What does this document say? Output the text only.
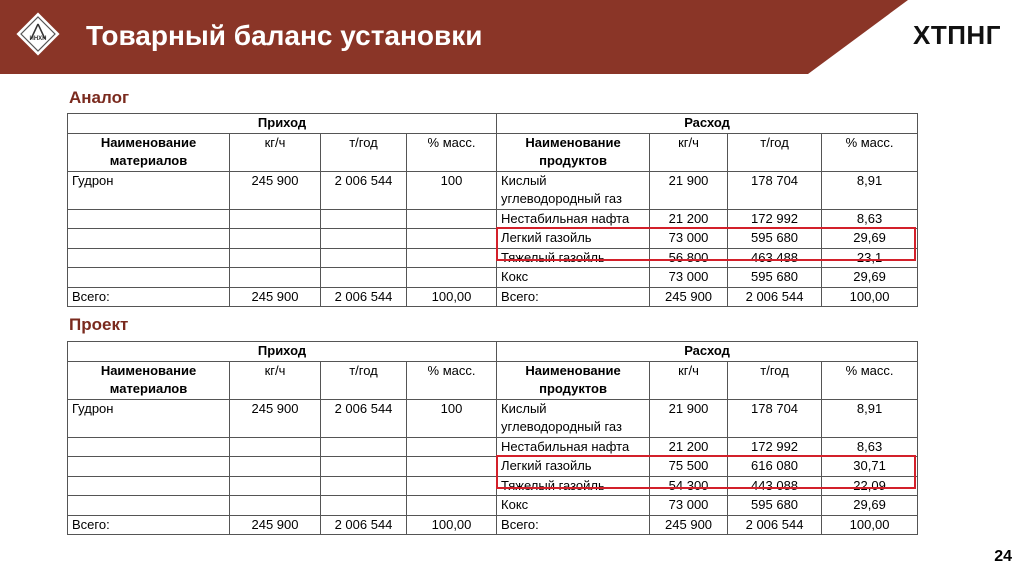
ИНХН Товарный баланс установки	ХТПНГ
Аналог
Приход				Расход			
Наименование материалов	кг/ч	т/год	% масс.	Наименование продуктов	кг/ч	т/год	% масс.
Гудрон	245 900	2 006 544	100	Кислый углеводородный газ	21 900	178 704	8,91
				Нестабильная нафта	21 200	172 992	8,63
				Легкий газойль	73 000	595 680	29,69
				Тяжелый газойль	56 800	463 488	23,1
				Кокс	73 000	595 680	29,69
Всего:	245 900	2 006 544	100,00	Всего:	245 900	2 006 544	100,00
Проект
Приход				Расход			
Наименование материалов	кг/ч	т/год	% масс.	Наименование продуктов	кг/ч	т/год	% масс.
Гудрон	245 900	2 006 544	100	Кислый углеводородный газ	21 900	178 704	8,91
				Нестабильная нафта	21 200	172 992	8,63
				Легкий газойль	75 500	616 080	30,71
				Тяжелый газойль	54 300	443 088	22,09
				Кокс	73 000	595 680	29,69
Всего:	245 900	2 006 544	100,00	Всего:	245 900	2 006 544	100,00
24
